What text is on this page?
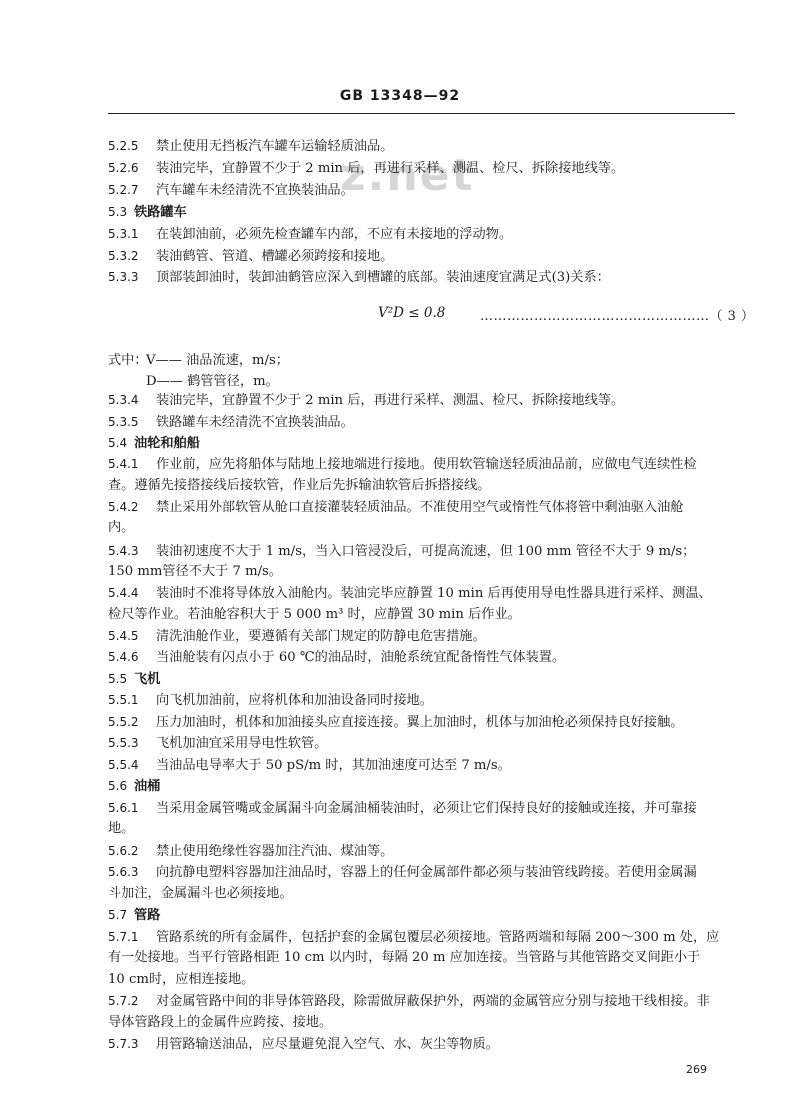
GB 13348—92
z.net
5.2.5 禁止使用无挡板汽车罐车运输轻质油品。
5.2.6 装油完毕，宜静置不少于 2 min 后，再进行采样、测温、检尺、拆除接地线等。
5.2.7 汽车罐车未经清洗不宜换装油品。
5.3 铁路罐车
5.3.1 在装卸油前，必须先检查罐车内部，不应有未接地的浮动物。
5.3.2 装油鹤管、管道、槽罐必须跨接和接地。
5.3.3 顶部装卸油时，装卸油鹤管应深入到槽罐的底部。装油速度宜满足式(3)关系：
V²D ≤ 0.8	……………………………………………（ 3 ）
式中：
V—— 油品流速，m/s；
D—— 鹤管管径，m。
5.3.4 装油完毕，宜静置不少于 2 min 后，再进行采样、测温、检尺、拆除接地线等。
5.3.5 铁路罐车未经清洗不宜换装油品。
5.4 油轮和舶船
5.4.1 作业前，应先将船体与陆地上接地端进行接地。使用软管输送轻质油品前，应做电气连续性检
查。遵循先接搭接线后接软管，作业后先拆输油软管后拆搭接线。
5.4.2 禁止采用外部软管从舱口直接灌装轻质油品。不准使用空气或惰性气体将管中剩油驱入油舱
内。
5.4.3 装油初速度不大于 1 m/s，当入口管浸没后，可提高流速，但 100 mm 管径不大于 9 m/s；
150 mm管径不大于 7 m/s。
5.4.4 装油时不准将导体放入油舱内。装油完毕应静置 10 min 后再使用导电性器具进行采样、测温、
检尺等作业。若油舱容积大于 5 000 m³ 时，应静置 30 min 后作业。
5.4.5 清洗油舱作业，要遵循有关部门规定的防静电危害措施。
5.4.6 当油舱装有闪点小于 60 ℃的油品时，油舱系统宜配备惰性气体装置。
5.5 飞机
5.5.1 向飞机加油前，应将机体和加油设备同时接地。
5.5.2 压力加油时，机体和加油接头应直接连接。翼上加油时，机体与加油枪必须保持良好接触。
5.5.3 飞机加油宜采用导电性软管。
5.5.4 当油品电导率大于 50 pS/m 时，其加油速度可达至 7 m/s。
5.6 油桶
5.6.1 当采用金属管嘴或金属漏斗向金属油桶装油时，必须让它们保持良好的接触或连接，并可靠接
地。
5.6.2 禁止使用绝缘性容器加注汽油、煤油等。
5.6.3 向抗静电塑料容器加注油品时，容器上的任何金属部件都必须与装油管线跨接。若使用金属漏
斗加注，金属漏斗也必须接地。
5.7 管路
5.7.1 管路系统的所有金属件，包括护套的金属包覆层必须接地。管路两端和每隔 200～300 m 处，应
有一处接地。当平行管路相距 10 cm 以内时，每隔 20 m 应加连接。当管路与其他管路交叉间距小于
10 cm时，应相连接地。
5.7.2 对金属管路中间的非导体管路段，除需做屏蔽保护外，两端的金属管应分别与接地干线相接。非
导体管路段上的金属件应跨接、接地。
5.7.3 用管路输送油品，应尽量避免混入空气、水、灰尘等物质。
269
